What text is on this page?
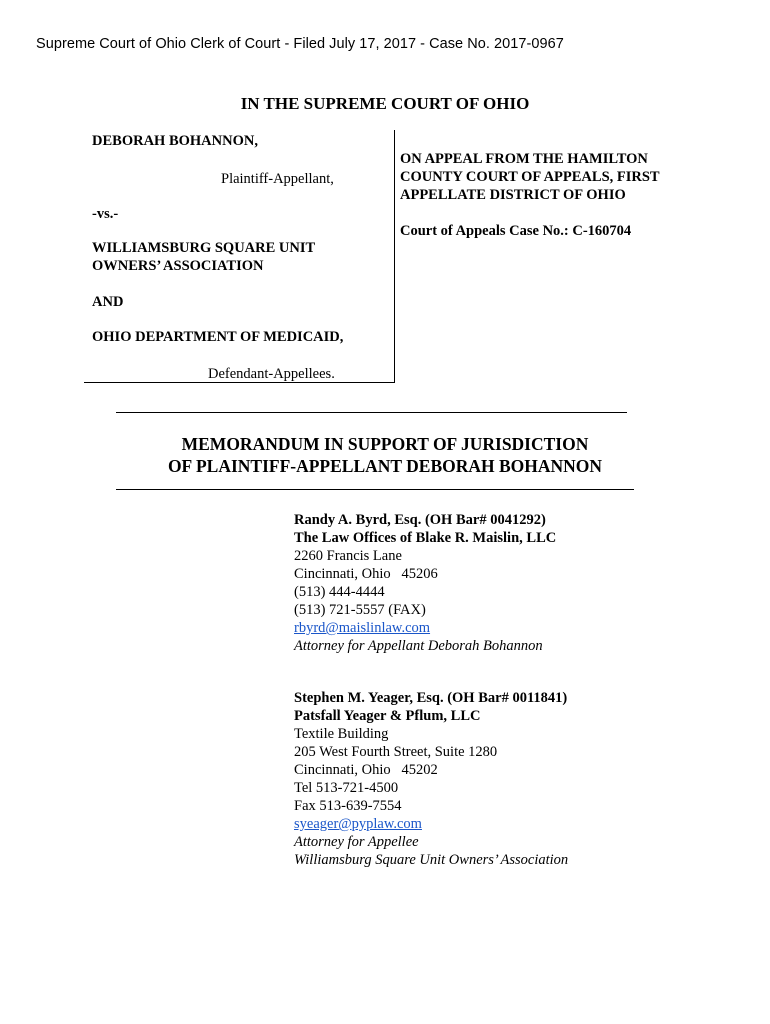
Supreme Court of Ohio Clerk of Court - Filed July 17, 2017 - Case No. 2017-0967
IN THE SUPREME COURT OF OHIO
DEBORAH BOHANNON,
Plaintiff-Appellant,
-vs.-
WILLIAMSBURG SQUARE UNIT
OWNERS’ ASSOCIATION
AND
OHIO DEPARTMENT OF MEDICAID,
Defendant-Appellees.
ON APPEAL FROM THE HAMILTON
COUNTY COURT OF APPEALS, FIRST
APPELLATE DISTRICT OF OHIO
Court of Appeals Case No.: C-160704
MEMORANDUM IN SUPPORT OF JURISDICTION
OF PLAINTIFF-APPELLANT DEBORAH BOHANNON
Randy A. Byrd, Esq. (OH Bar# 0041292)
The Law Offices of Blake R. Maislin, LLC
2260 Francis Lane
Cincinnati, Ohio   45206
(513) 444-4444
(513) 721-5557 (FAX)
rbyrd@maislinlaw.com
Attorney for Appellant Deborah Bohannon
Stephen M. Yeager, Esq. (OH Bar# 0011841)
Patsfall Yeager & Pflum, LLC
Textile Building
205 West Fourth Street, Suite 1280
Cincinnati, Ohio   45202
Tel 513-721-4500
Fax 513-639-7554
syeager@pyplaw.com
Attorney for Appellee
Williamsburg Square Unit Owners’ Association
